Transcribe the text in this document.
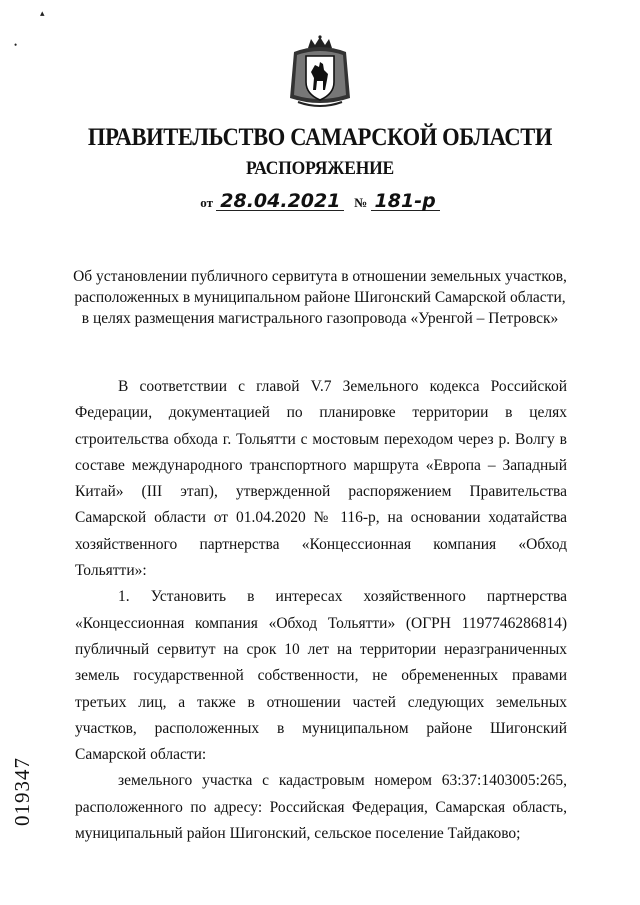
ПРАВИТЕЛЬСТВО САМАРСКОЙ ОБЛАСТИ
РАСПОРЯЖЕНИЕ
от 28.04.2021 № 181-р
Об установлении публичного сервитута в отношении земельных участков,
расположенных в муниципальном районе Шигонский Самарской области,
в целях размещения магистрального газопровода «Уренгой – Петровск»

В соответствии с главой V.7 Земельного кодекса Российской Федерации, документацией по планировке территории в целях строительства обхода г. Тольятти с мостовым переходом через р. Волгу в составе международного транспортного маршрута «Европа – Западный Китай» (III этап), утвержденной распоряжением Правительства Самарской области от 01.04.2020 № 116-р, на основании ходатайства хозяйственного партнерства «Концессионная компания «Обход Тольятти»:

1. Установить в интересах хозяйственного партнерства «Концессионная компания «Обход Тольятти» (ОГРН 1197746286814) публичный сервитут на срок 10 лет на территории неразграниченных земель государственной собственности, не обремененных правами третьих лиц, а также в отношении частей следующих земельных участков, расположенных в муниципальном районе Шигонский Самарской области:

земельного участка с кадастровым номером 63:37:1403005:265, расположенного по адресу: Российская Федерация, Самарская область, муниципальный район Шигонский, сельское поселение Тайдаково;

019347
▴
•
